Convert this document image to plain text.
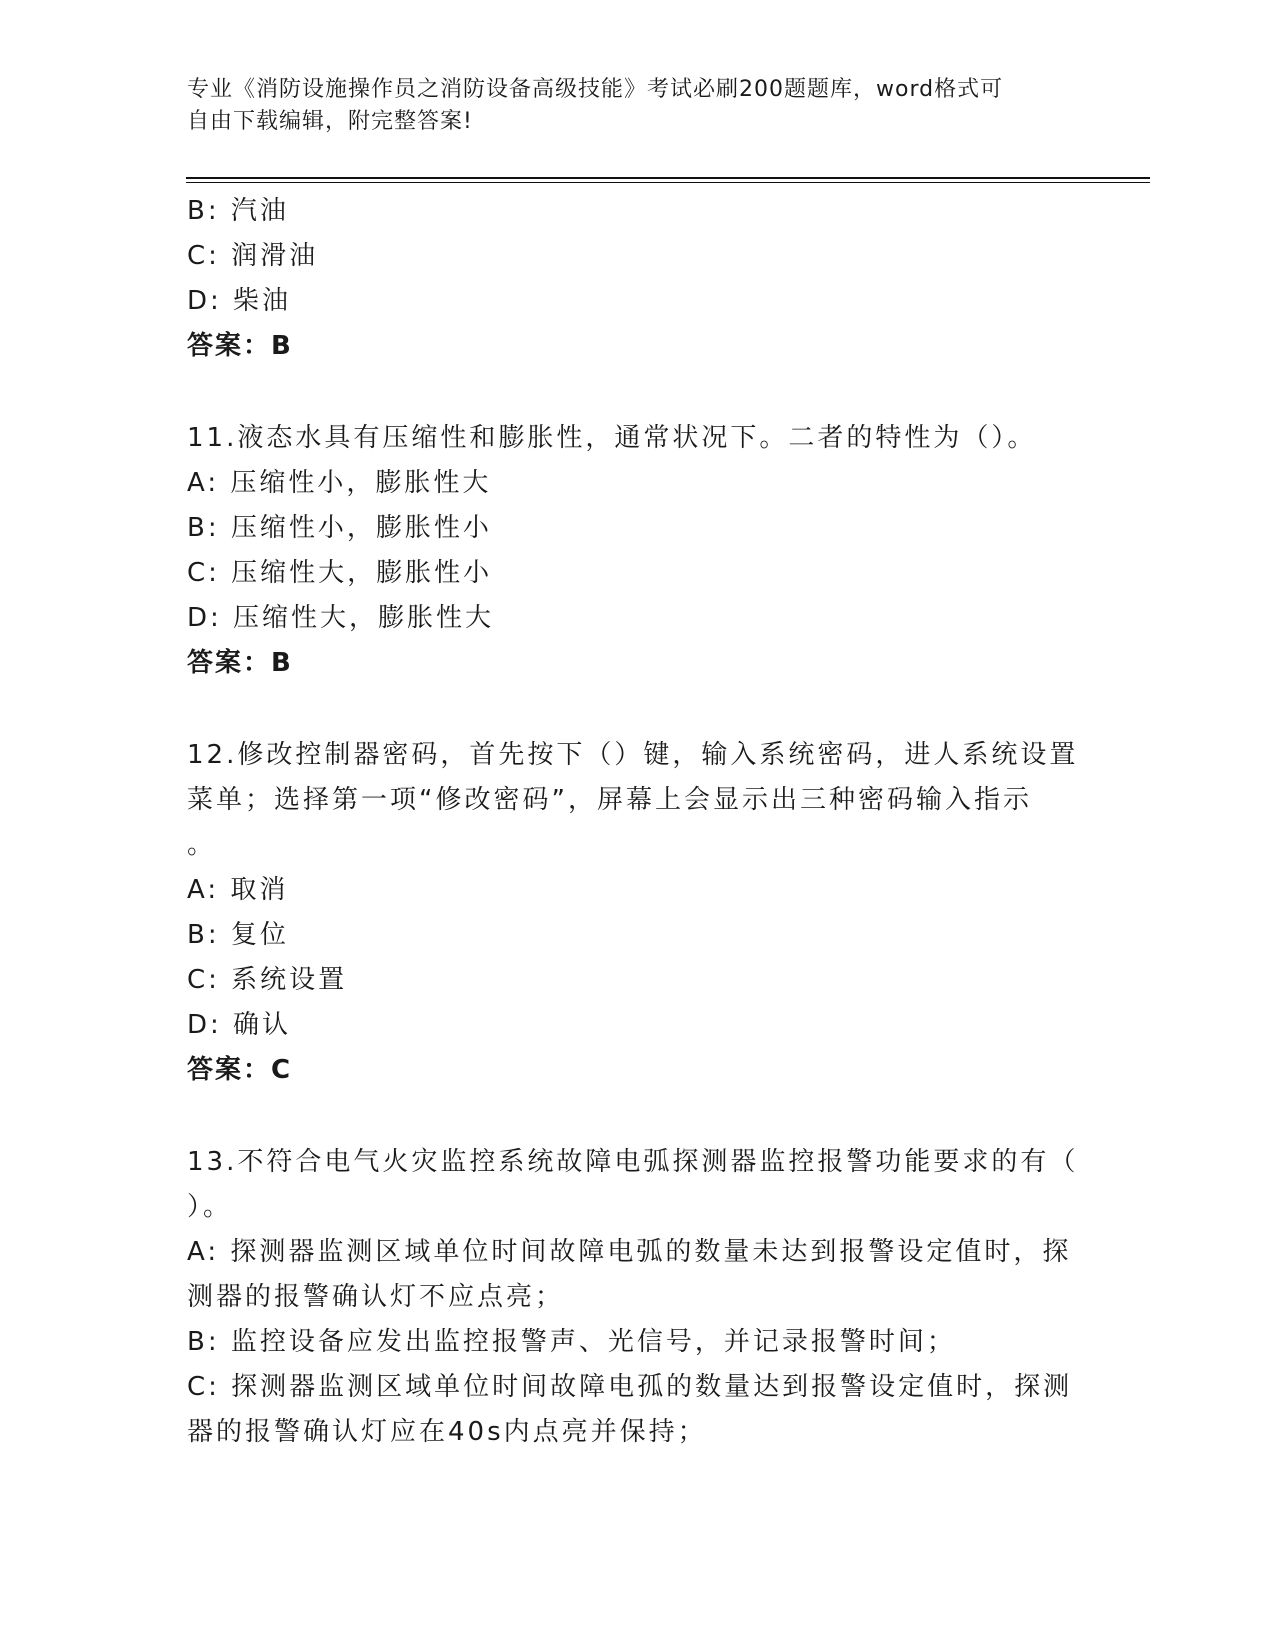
专业《消防设施操作员之消防设备高级技能》考试必刷200题题库，word格式可
自由下载编辑，附完整答案!
B: 汽油
C: 润滑油
D: 柴油
答案：B
11.液态水具有压缩性和膨胀性，通常状况下。二者的特性为（）。
A: 压缩性小，膨胀性大
B: 压缩性小，膨胀性小
C: 压缩性大，膨胀性小
D: 压缩性大，膨胀性大
答案：B
12.修改控制器密码，首先按下（）键，输入系统密码，进人系统设置
菜单；选择第一项“修改密码”，屏幕上会显示出三种密码输入指示
。
A: 取消
B: 复位
C: 系统设置
D: 确认
答案：C
13.不符合电气火灾监控系统故障电弧探测器监控报警功能要求的有（
）。
A: 探测器监测区域单位时间故障电弧的数量未达到报警设定值时，探
测器的报警确认灯不应点亮；
B: 监控设备应发出监控报警声、光信号，并记录报警时间；
C: 探测器监测区域单位时间故障电孤的数量达到报警设定值时，探测
器的报警确认灯应在40s内点亮并保持；
